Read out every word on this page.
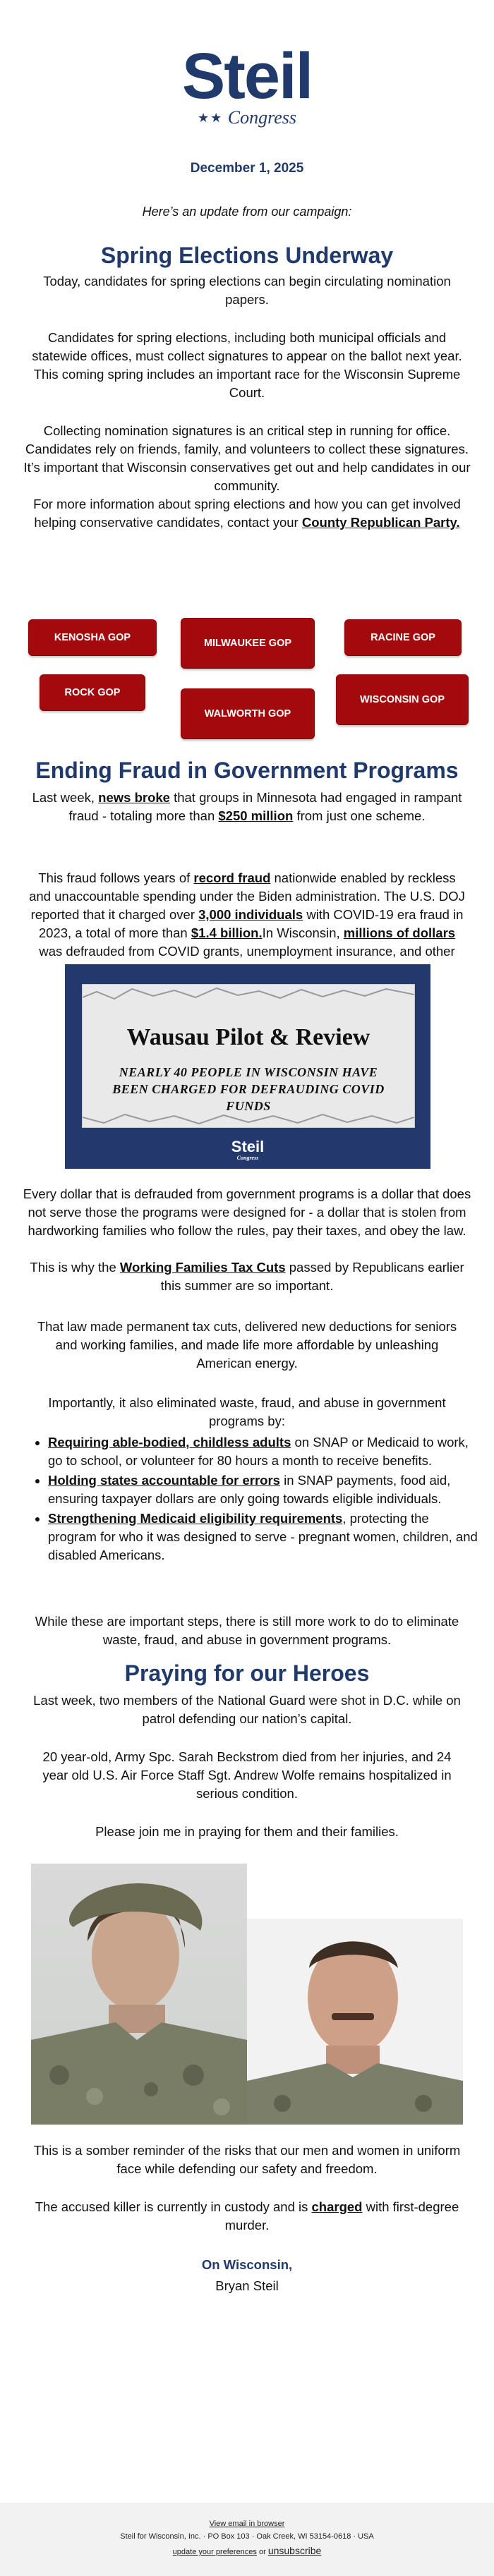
Steil
★★ Congress
December 1, 2025
Here’s an update from our campaign:
Spring Elections Underway

Today, candidates for spring elections can begin circulating nomination papers.

Candidates for spring elections, including both municipal officials and statewide offices, must collect signatures to appear on the ballot next year. This coming spring includes an important race for the Wisconsin Supreme Court.

Collecting nomination signatures is an critical step in running for office. Candidates rely on friends, family, and volunteers to collect these signatures. It’s important that Wisconsin conservatives get out and help candidates in our community.

For more information about spring elections and how you can get involved helping conservative candidates, contact your County Republican Party.

KENOSHA GOP	MILWAUKEE GOP	RACINE GOP
ROCK GOP
WISCONSIN GOP
WALWORTH GOP
Ending Fraud in Government Programs

Last week, news broke that groups in Minnesota had engaged in rampant fraud - totaling more than $250 million from just one scheme.

This fraud follows years of record fraud nationwide enabled by reckless and unaccountable spending under the Biden administration. The U.S. DOJ reported that it charged over 3,000 individuals with COVID-19 era fraud in 2023, a total of more than $1.4 billion.In Wisconsin, millions of dollars was defrauded from COVID grants, unemployment insurance, and other

Wausau Pilot & Review
NEARLY 40 PEOPLE IN WISCONSIN HAVE BEEN CHARGED FOR DEFRAUDING COVID FUNDS
Steil
Congress

Every dollar that is defrauded from government programs is a dollar that does not serve those the programs were designed for - a dollar that is stolen from hardworking families who follow the rules, pay their taxes, and obey the law.

This is why the Working Families Tax Cuts passed by Republicans earlier this summer are so important.

That law made permanent tax cuts, delivered new deductions for seniors and working families, and made life more affordable by unleashing American energy.

Importantly, it also eliminated waste, fraud, and abuse in government programs by:

• Requiring able-bodied, childless adults on SNAP or Medicaid to work, go to school, or volunteer for 80 hours a month to receive benefits.
• Holding states accountable for errors in SNAP payments, food aid, ensuring taxpayer dollars are only going towards eligible individuals.
• Strengthening Medicaid eligibility requirements, protecting the program for who it was designed to serve - pregnant women, children, and disabled Americans.

While these are important steps, there is still more work to do to eliminate waste, fraud, and abuse in government programs.

Praying for our Heroes

Last week, two members of the National Guard were shot in D.C. while on patrol defending our nation’s capital.

20 year-old, Army Spc. Sarah Beckstrom died from her injuries, and 24 year old U.S. Air Force Staff Sgt. Andrew Wolfe remains hospitalized in serious condition.

Please join me in praying for them and their families.

This is a somber reminder of the risks that our men and women in uniform face while defending our safety and freedom.

The accused killer is currently in custody and is charged with first-degree murder.

On Wisconsin,

Bryan Steil

View email in browser
Steil for Wisconsin, Inc. · PO Box 103 · Oak Creek, WI 53154-0618 · USA
update your preferences or unsubscribe
